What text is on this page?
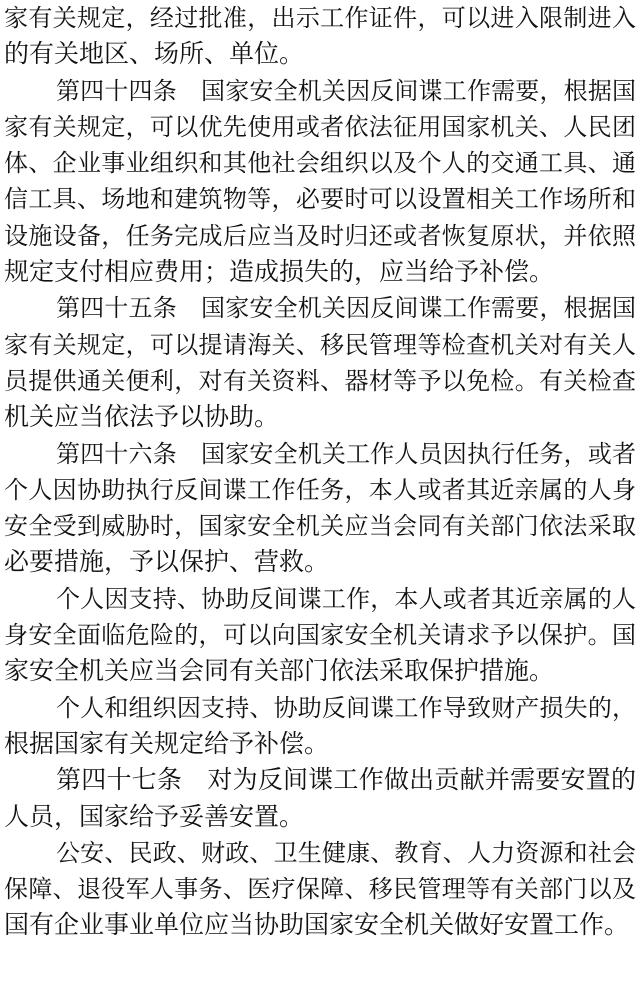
家有关规定，经过批准，出示工作证件，可以进入限制进入
的有关地区、场所、单位。
第四十四条　国家安全机关因反间谍工作需要，根据国
家有关规定，可以优先使用或者依法征用国家机关、人民团
体、企业事业组织和其他社会组织以及个人的交通工具、通
信工具、场地和建筑物等，必要时可以设置相关工作场所和
设施设备，任务完成后应当及时归还或者恢复原状，并依照
规定支付相应费用；造成损失的，应当给予补偿。
第四十五条　国家安全机关因反间谍工作需要，根据国
家有关规定，可以提请海关、移民管理等检查机关对有关人
员提供通关便利，对有关资料、器材等予以免检。有关检查
机关应当依法予以协助。
第四十六条　国家安全机关工作人员因执行任务，或者
个人因协助执行反间谍工作任务，本人或者其近亲属的人身
安全受到威胁时，国家安全机关应当会同有关部门依法采取
必要措施，予以保护、营救。
个人因支持、协助反间谍工作，本人或者其近亲属的人
身安全面临危险的，可以向国家安全机关请求予以保护。国
家安全机关应当会同有关部门依法采取保护措施。
个人和组织因支持、协助反间谍工作导致财产损失的，
根据国家有关规定给予补偿。
第四十七条　对为反间谍工作做出贡献并需要安置的
人员，国家给予妥善安置。
公安、民政、财政、卫生健康、教育、人力资源和社会
保障、退役军人事务、医疗保障、移民管理等有关部门以及
国有企业事业单位应当协助国家安全机关做好安置工作。
